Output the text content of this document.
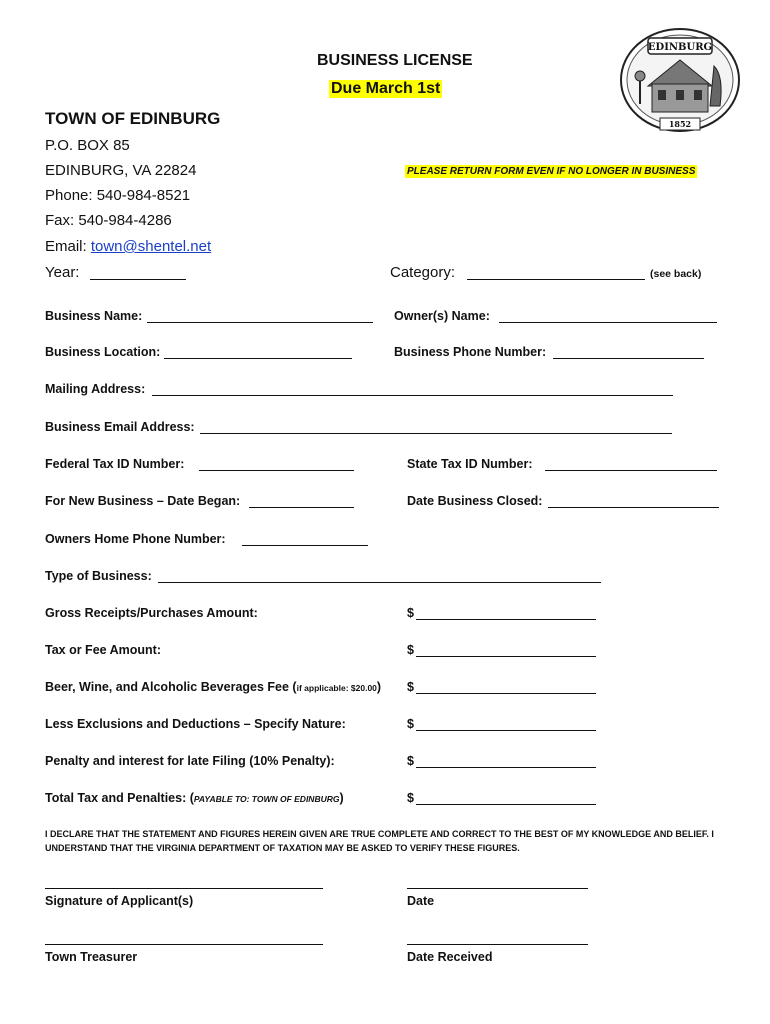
BUSINESS LICENSE
Due March 1st
TOWN OF EDINBURG
P.O. BOX 85
EDINBURG, VA 22824
Phone: 540-984-8521
Fax: 540-984-4286
Email: town@shentel.net
PLEASE RETURN FORM EVEN IF NO LONGER IN BUSINESS
EDINBURG
1852
Year:	Category:	(see back)
Business Name:	Owner(s) Name:
Business Location:	Business Phone Number:
Mailing Address:
Business Email Address:
Federal Tax ID Number:	State Tax ID Number:
For New Business – Date Began:	Date Business Closed:
Owners Home Phone Number:
Type of Business:
Gross Receipts/Purchases Amount:	$
Tax or Fee Amount:	$
Beer, Wine, and Alcoholic Beverages Fee (if applicable: $20.00) $
Less Exclusions and Deductions – Specify Nature:	$
Penalty and interest for late Filing (10% Penalty):	$
Total Tax and Penalties: (PAYABLE TO: TOWN OF EDINBURG)	$
I DECLARE THAT THE STATEMENT AND FIGURES HEREIN GIVEN ARE TRUE COMPLETE AND CORRECT TO THE BEST OF MY KNOWLEDGE AND BELIEF. I UNDERSTAND THAT THE VIRGINIA DEPARTMENT OF TAXATION MAY BE ASKED TO VERIFY THESE FIGURES.
Signature of Applicant(s)	Date
Town Treasurer	Date Received
